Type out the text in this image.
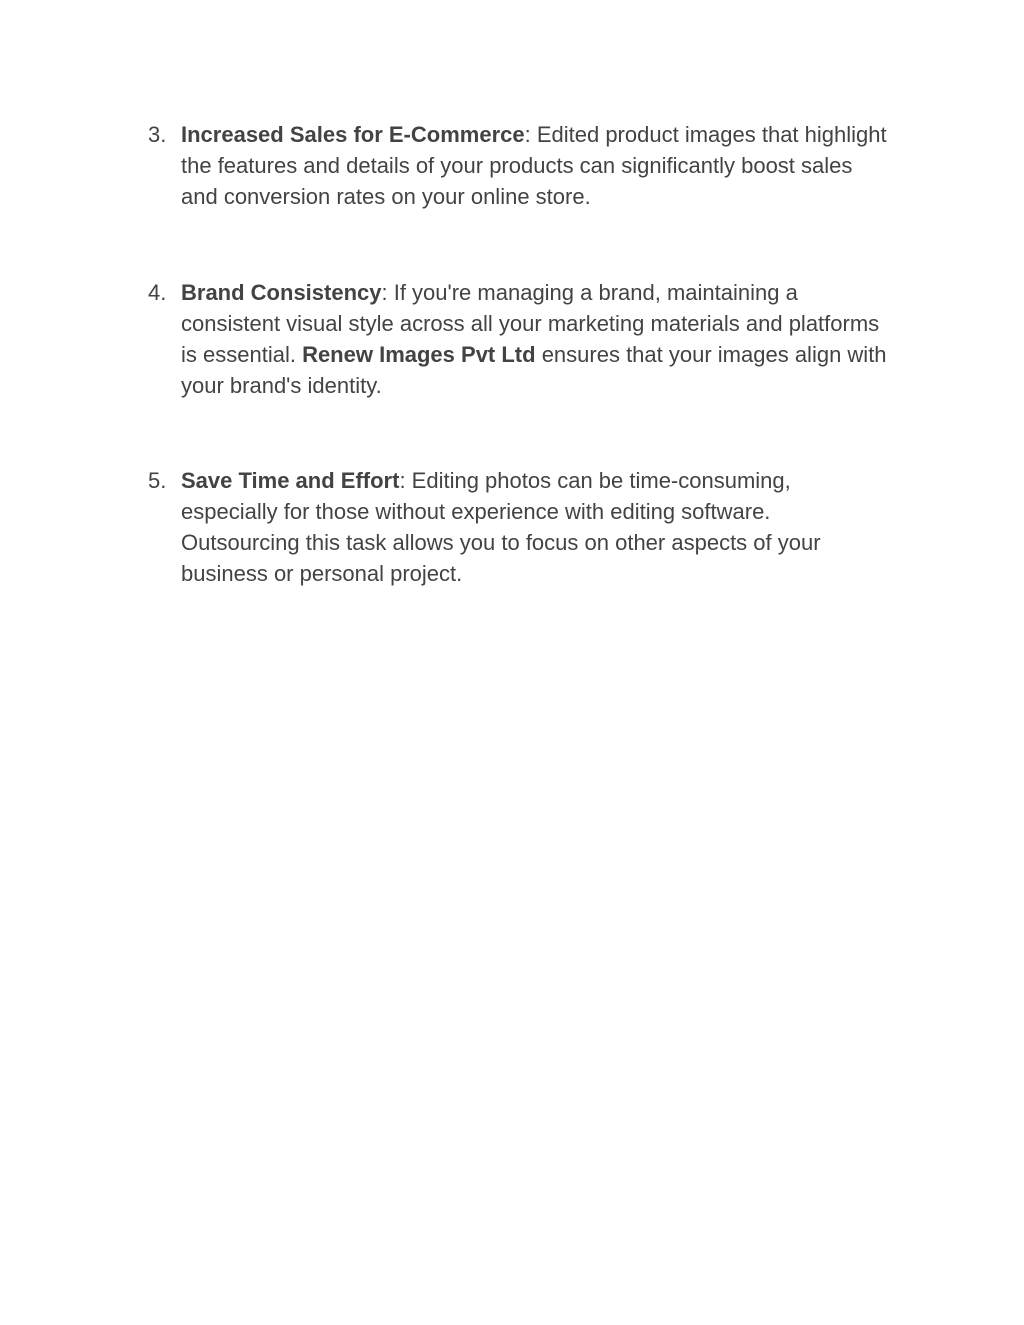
3. Increased Sales for E-Commerce: Edited product images that highlight the features and details of your products can significantly boost sales and conversion rates on your online store.
4. Brand Consistency: If you're managing a brand, maintaining a consistent visual style across all your marketing materials and platforms is essential. Renew Images Pvt Ltd ensures that your images align with your brand's identity.
5. Save Time and Effort: Editing photos can be time-consuming, especially for those without experience with editing software. Outsourcing this task allows you to focus on other aspects of your business or personal project.
